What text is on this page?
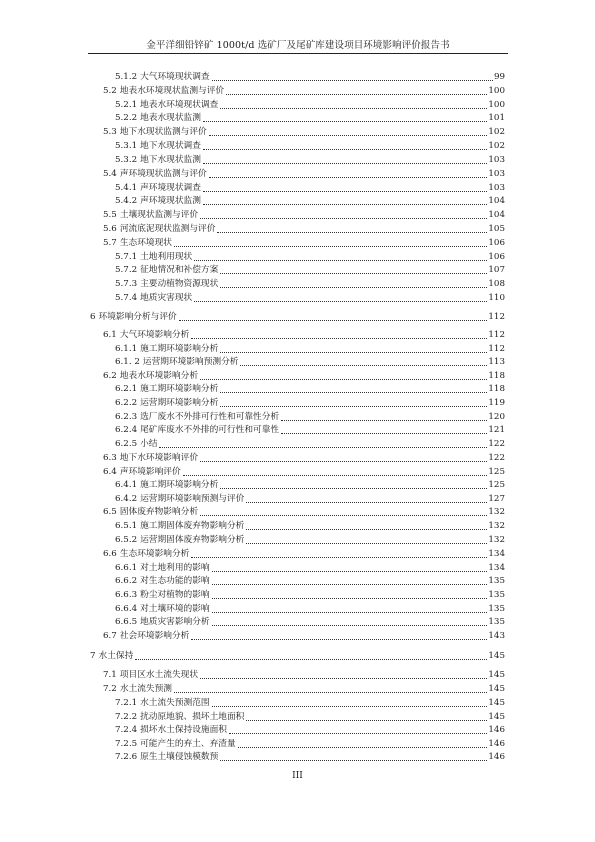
金平洋细铅锌矿 1000t/d 选矿厂及尾矿库建设项目环境影响评价报告书
5.1.2 大气环境现状调查	99
5.2 地表水环境现状监测与评价	100
5.2.1 地表水环境现状调查	100
5.2.2 地表水现状监测	101
5.3 地下水现状监测与评价	102
5.3.1 地下水现状调查	102
5.3.2 地下水现状监测	103
5.4 声环境现状监测与评价	103
5.4.1 声环境现状调查	103
5.4.2 声环境现状监测	104
5.5 土壤现状监测与评价	104
5.6 河流底泥现状监测与评价	105
5.7 生态环境现状	106
5.7.1 土地利用现状	106
5.7.2 征地情况和补偿方案	107
5.7.3 主要动植物资源现状	108
5.7.4 地质灾害现状	110
6 环境影响分析与评价	112
6.1 大气环境影响分析	112
6.1.1 施工期环境影响分析	112
6.1. 2 运营期环境影响预测分析	113
6.2 地表水环境影响分析	118
6.2.1 施工期环境影响分析	118
6.2.2 运营期环境影响分析	119
6.2.3 选厂废水不外排可行性和可靠性分析	120
6.2.4 尾矿库废水不外排的可行性和可靠性	121
6.2.5 小结	122
6.3 地下水环境影响评价	122
6.4 声环境影响评价	125
6.4.1 施工期环境影响分析	125
6.4.2 运营期环境影响预测与评价	127
6.5 固体废弃物影响分析	132
6.5.1 施工期固体废弃物影响分析	132
6.5.2 运营期固体废弃物影响分析	132
6.6 生态环境影响分析	134
6.6.1 对土地利用的影响	134
6.6.2 对生态功能的影响	135
6.6.3 粉尘对植物的影响	135
6.6.4 对土壤环境的影响	135
6.6.5 地质灾害影响分析	135
6.7 社会环境影响分析	143
7 水土保持	145
7.1 项目区水土流失现状	145
7.2 水土流失预测	145
7.2.1 水土流失预测范围	145
7.2.2 扰动原地貌、损坏土地面积	145
7.2.4 损坏水土保持设施面积	146
7.2.5 可能产生的弃土、弃渣量	146
7.2.6 原生土壤侵蚀模数预	146
III
